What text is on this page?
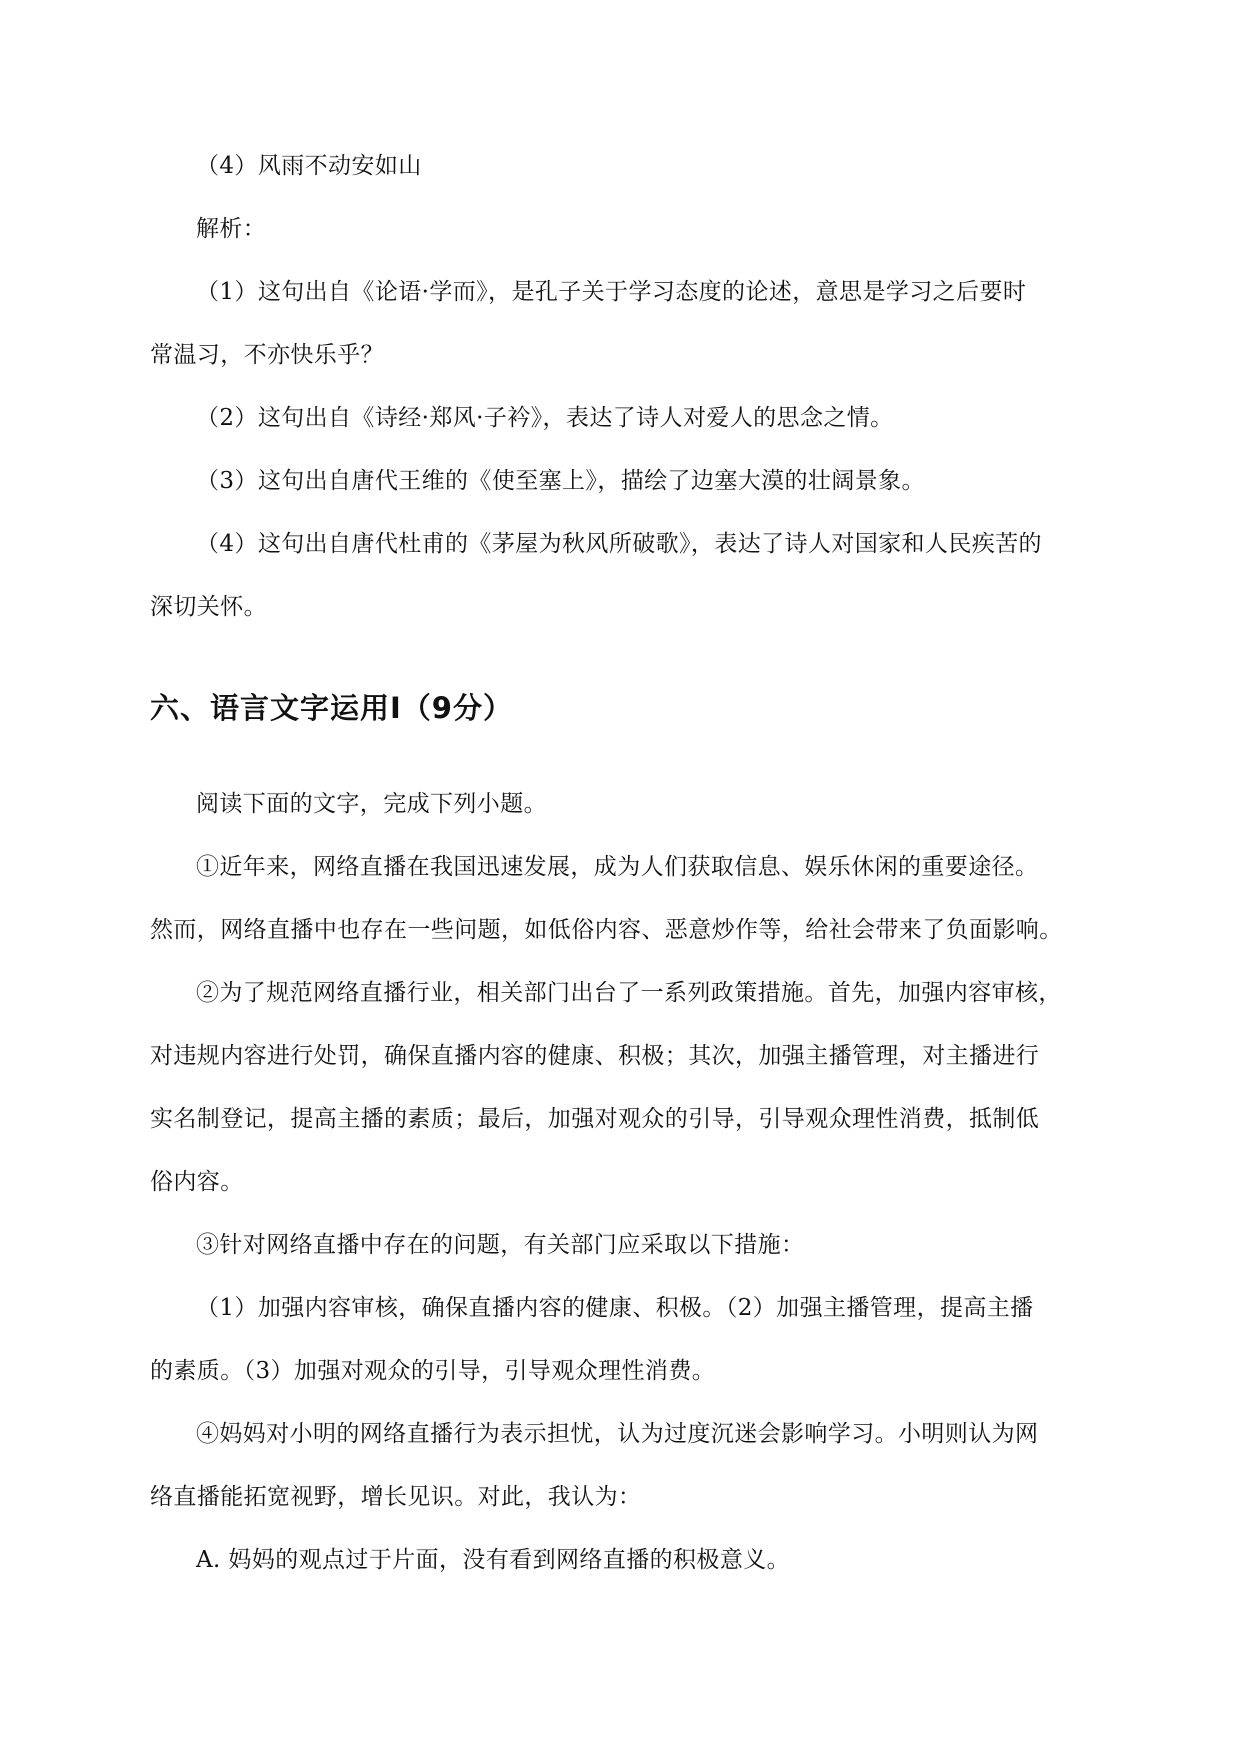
（4）风雨不动安如山
解析：
（1）这句出自《论语·学而》，是孔子关于学习态度的论述，意思是学习之后要时
常温习，不亦快乐乎？
（2）这句出自《诗经·郑风·子衿》，表达了诗人对爱人的思念之情。
（3）这句出自唐代王维的《使至塞上》，描绘了边塞大漠的壮阔景象。
（4）这句出自唐代杜甫的《茅屋为秋风所破歌》，表达了诗人对国家和人民疾苦的
深切关怀。
六、语言文字运用Ⅰ（9分）
阅读下面的文字，完成下列小题。
①近年来，网络直播在我国迅速发展，成为人们获取信息、娱乐休闲的重要途径。
然而，网络直播中也存在一些问题，如低俗内容、恶意炒作等，给社会带来了负面影响。
②为了规范网络直播行业，相关部门出台了一系列政策措施。首先，加强内容审核，
对违规内容进行处罚，确保直播内容的健康、积极；其次，加强主播管理，对主播进行
实名制登记，提高主播的素质；最后，加强对观众的引导，引导观众理性消费，抵制低
俗内容。
③针对网络直播中存在的问题，有关部门应采取以下措施：
（1）加强内容审核，确保直播内容的健康、积极。（2）加强主播管理，提高主播
的素质。（3）加强对观众的引导，引导观众理性消费。
④妈妈对小明的网络直播行为表示担忧，认为过度沉迷会影响学习。小明则认为网
络直播能拓宽视野，增长见识。对此，我认为：
A. 妈妈的观点过于片面，没有看到网络直播的积极意义。
